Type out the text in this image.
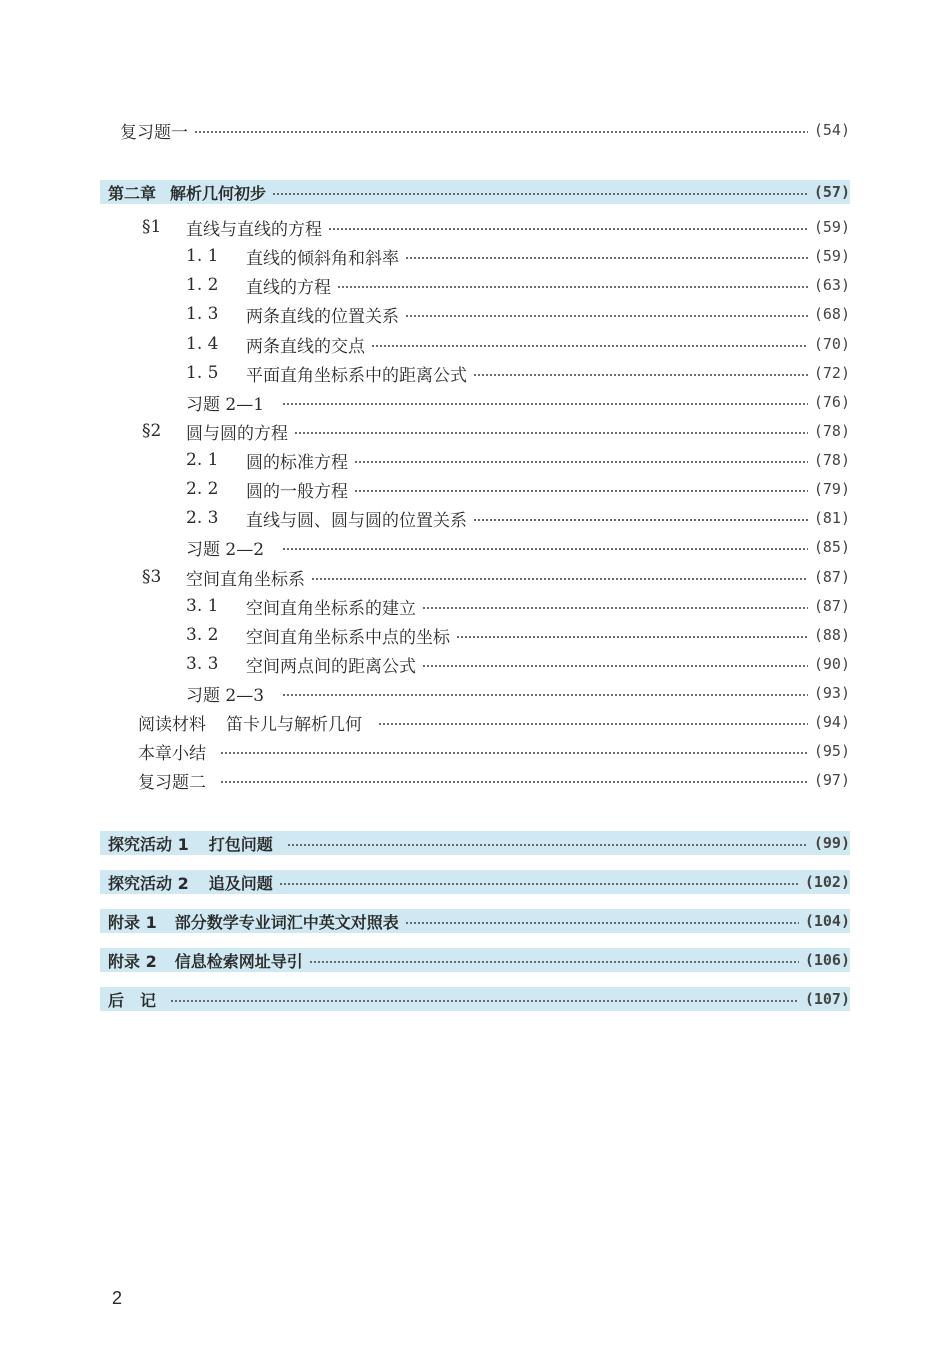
复习题一	(54)
第二章 解析几何初步	(57)
§1	直线与直线的方程	(59)
1. 1	直线的倾斜角和斜率	(59)
1. 2	直线的方程	(63)
1. 3	两条直线的位置关系	(68)
1. 4	两条直线的交点	(70)
1. 5	平面直角坐标系中的距离公式	(72)
习题 2—1	(76)
§2	圆与圆的方程	(78)
2. 1	圆的标准方程	(78)
2. 2	圆的一般方程	(79)
2. 3	直线与圆、圆与圆的位置关系	(81)
习题 2—2	(85)
§3	空间直角坐标系	(87)
3. 1	空间直角坐标系的建立	(87)
3. 2	空间直角坐标系中点的坐标	(88)
3. 3	空间两点间的距离公式	(90)
习题 2—3	(93)
阅读材料 笛卡儿与解析几何	(94)
本章小结	(95)
复习题二	(97)
探究活动 1 打包问题	(99)
探究活动 2 追及问题	(102)
附录 1 部分数学专业词汇中英文对照表	(104)
附录 2 信息检索网址导引	(106)
后　记	(107)
2
